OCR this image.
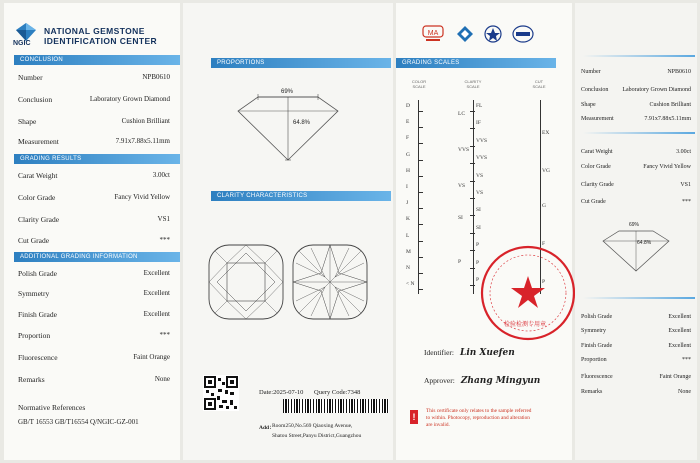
NATIONAL GEMSTONE
IDENTIFICATION CENTER
NGIC
CONCLUSION
Number	NPB0610
Conclusion	Laboratory Grown Diamond
Shape	Cushion Brilliant
Measurement	7.91x7.88x5.11mm
GRADING RESULTS
Carat Weight	3.00ct
Color Grade	Fancy Vivid Yellow
Clarity Grade	VS1
Cut Grade	***
ADDITIONAL GRADING INFORMATION
Polish Grade	Excellent
Symmetry	Excellent
Finish Grade	Excellent
Proportion	***
Fluorescence	Faint Orange
Remarks	None
Normative References
GB/T 16553 GB/T16554 Q/NGIC-GZ-001
PROPORTIONS
69%
64.8%
CLARITY CHARACTERISTICS
Date:2025-07-10 Query Code:7348
Add：
Room250,No.569 Qiaoxing Avenue,
Shatou Street,Panyu District,Guangzhou
MA
GRADING SCALES
COLOR
SCALE
CLARITY
SCALE
CUT
SCALE
D
E
F
G
H
I
J
K
L
M
N
< N
FL
IF
VVS
VVS
VS
VS
SI
SI
P
P
P
LC
VVS
VS
SI
P
EX
VG
G
F
P
检验检测专用章
Identifier: Lin Xuefen
Approver: Zhang Mingyun
!
This certificate only relates to the sample referred
to within. Photocopy, reproduction and alteration
are invalid.
Number	NPB0610
Conclusion Laboratory Grown Diamond
Shape	Cushion Brilliant
Measurement	7.91x7.88x5.11mm
Carat Weight	3.00ct
Color Grade	Fancy Vivid Yellow
Clarity Grade	VS1
Cut Grade	***
69%
64.8%
Polish Grade	Excellent
Symmetry	Excellent
Finish Grade	Excellent
Proportion	***
Fluorescence	Faint Orange
Remarks	None
